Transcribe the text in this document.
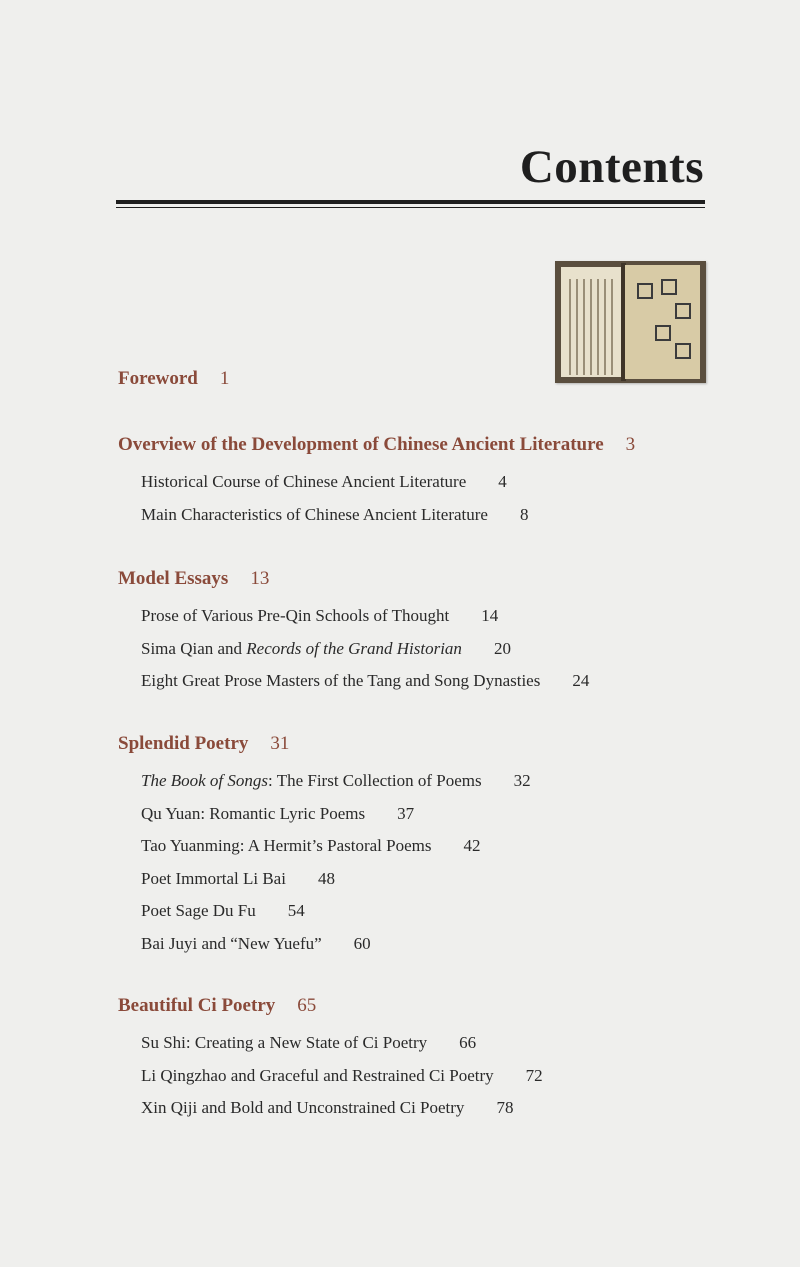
Contents
Foreword 1
Overview of the Development of Chinese Ancient Literature 3
Historical Course of Chinese Ancient Literature 4
Main Characteristics of Chinese Ancient Literature 8
Model Essays 13
Prose of Various Pre-Qin Schools of Thought 14
Sima Qian and Records of the Grand Historian 20
Eight Great Prose Masters of the Tang and Song Dynasties 24
Splendid Poetry 31
The Book of Songs: The First Collection of Poems 32
Qu Yuan: Romantic Lyric Poems 37
Tao Yuanming: A Hermit’s Pastoral Poems 42
Poet Immortal Li Bai 48
Poet Sage Du Fu 54
Bai Juyi and “New Yuefu” 60
Beautiful Ci Poetry 65
Su Shi: Creating a New State of Ci Poetry 66
Li Qingzhao and Graceful and Restrained Ci Poetry 72
Xin Qiji and Bold and Unconstrained Ci Poetry 78
